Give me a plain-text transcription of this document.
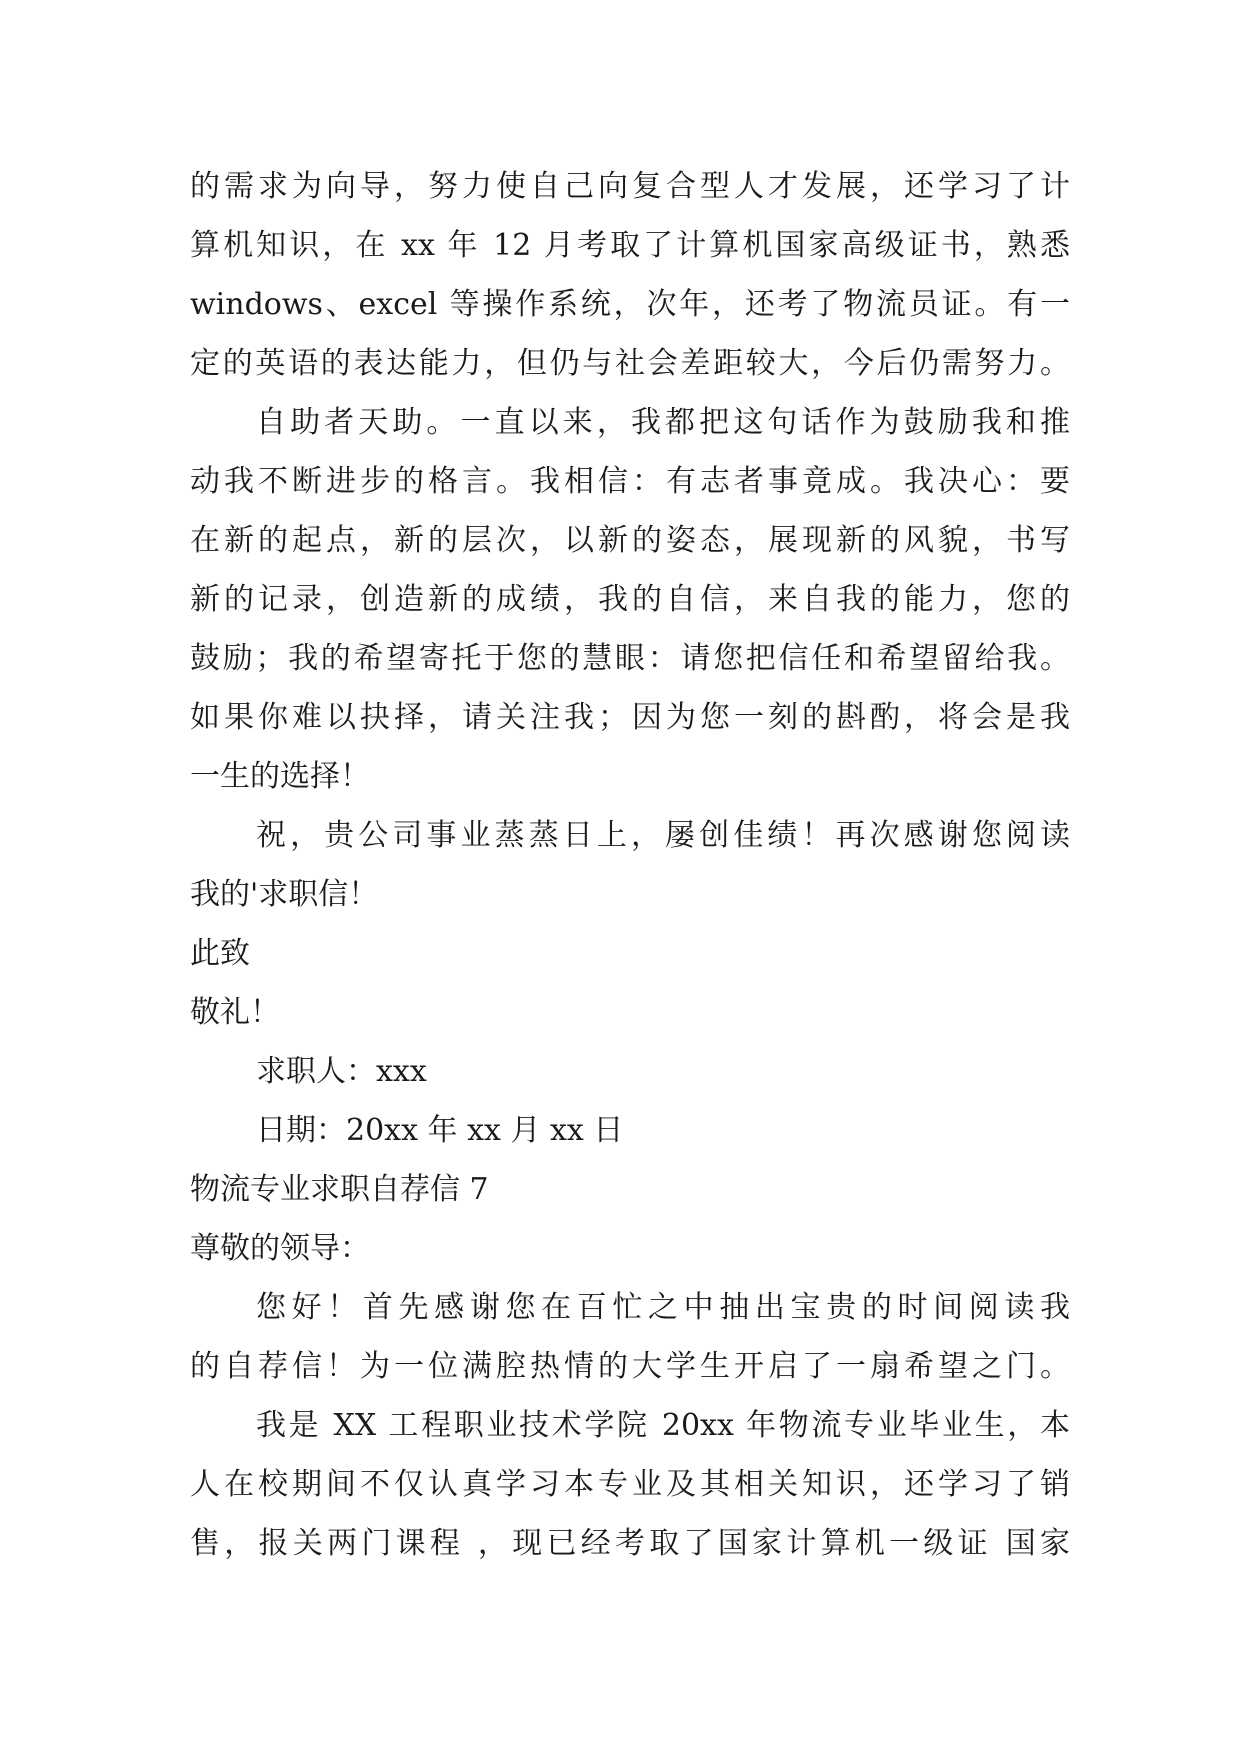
的需求为向导，努力使自己向复合型人才发展，还学习了计
算机知识，在 xx 年 12 月考取了计算机国家高级证书，熟悉
windows、excel 等操作系统，次年，还考了物流员证。有一
定的英语的表达能力，但仍与社会差距较大，今后仍需努力。
自助者天助。一直以来，我都把这句话作为鼓励我和推
动我不断进步的格言。我相信：有志者事竟成。我决心：要
在新的起点，新的层次，以新的姿态，展现新的风貌，书写
新的记录，创造新的成绩，我的自信，来自我的能力，您的
鼓励；我的希望寄托于您的慧眼：请您把信任和希望留给我。
如果你难以抉择，请关注我；因为您一刻的斟酌，将会是我
一生的选择！
祝，贵公司事业蒸蒸日上，屡创佳绩！再次感谢您阅读
我的'求职信！
此致
敬礼！
求职人：xxx
日期：20xx 年 xx 月 xx 日
物流专业求职自荐信 7
尊敬的领导：
您好！首先感谢您在百忙之中抽出宝贵的时间阅读我
的自荐信！为一位满腔热情的大学生开启了一扇希望之门。
我是 XX 工程职业技术学院 20xx 年物流专业毕业生，本
人在校期间不仅认真学习本专业及其相关知识，还学习了销
售，报关两门课程 ，现已经考取了国家计算机一级证 国家
